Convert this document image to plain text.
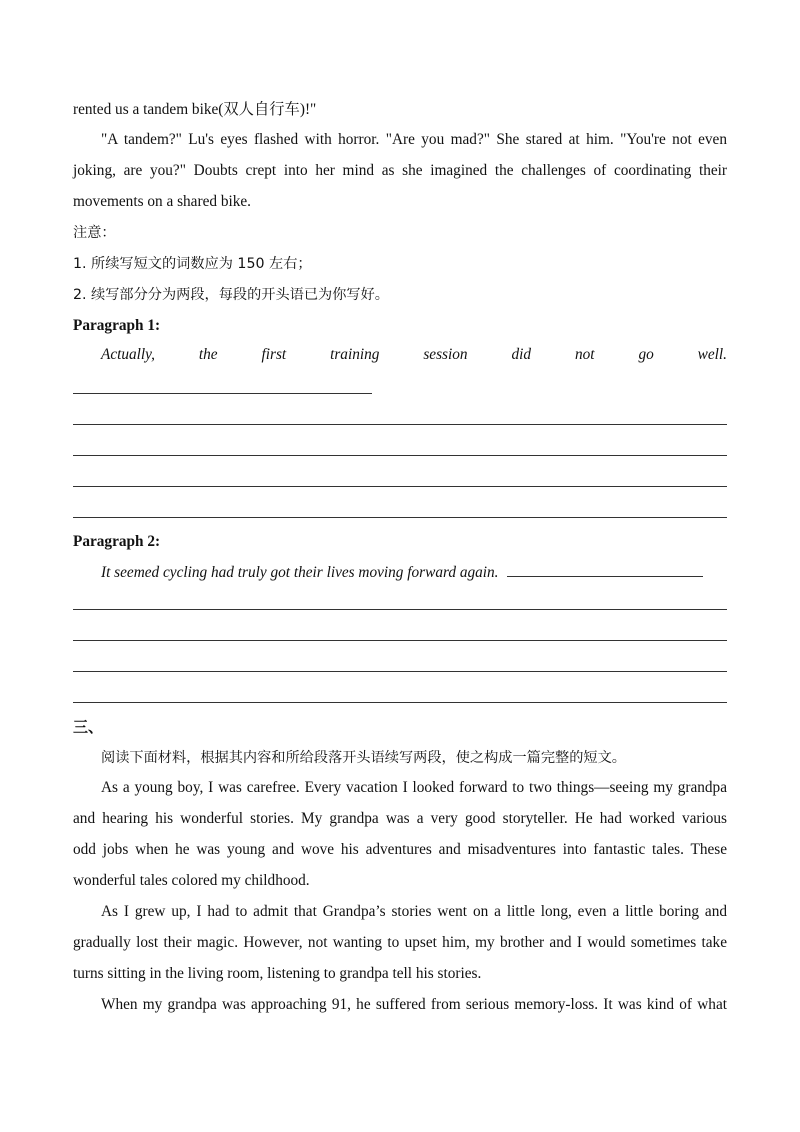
rented us a tandem bike(双人自行车)!"
"A tandem?" Lu's eyes flashed with horror. "Are you mad?" She stared at him. "You're not even
joking, are you?" Doubts crept into her mind as she imagined the challenges of coordinating their
movements on a shared bike.
注意：
1. 所续写短文的词数应为 150 左右；
2. 续写部分分为两段，每段的开头语已为你写好。
Paragraph 1:
Actually, the first training session did not go well.
Paragraph 2:
It seemed cycling had truly got their lives moving forward again.
三、
阅读下面材料，根据其内容和所给段落开头语续写两段，使之构成一篇完整的短文。
As a young boy, I was carefree. Every vacation I looked forward to two things—seeing my grandpa
and hearing his wonderful stories. My grandpa was a very good storyteller. He had worked various
odd jobs when he was young and wove his adventures and misadventures into fantastic tales. These
wonderful tales colored my childhood.
As I grew up, I had to admit that Grandpa’s stories went on a little long, even a little boring and
gradually lost their magic. However, not wanting to upset him, my brother and I would sometimes take
turns sitting in the living room, listening to grandpa tell his stories.
When my grandpa was approaching 91, he suffered from serious memory-loss. It was kind of what
